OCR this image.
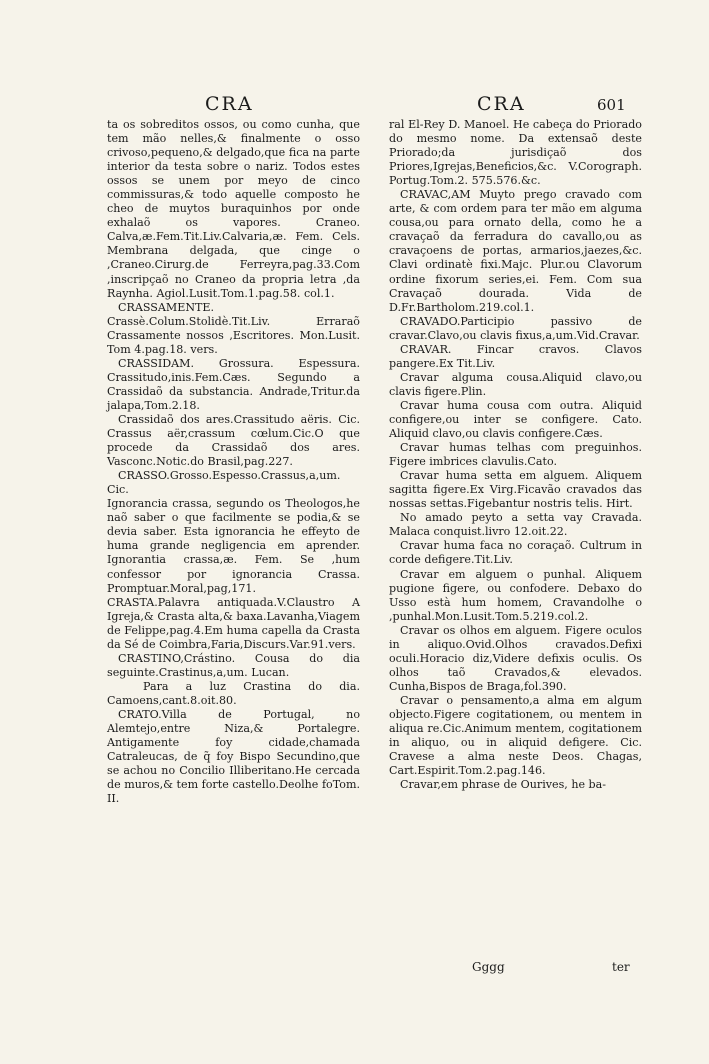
CRA	CRA	601

ta os sobreditos ossos, ou como cunha, que tem mão nelles,& finalmente o osso crivoso,pequeno,& delgado,que fica na parte interior da testa sobre o nariz. Todos estes ossos se unem por meyo de cinco commissuras,& todo aquelle composto he cheo de muytos buraquinhos por onde exhalaõ os vapores. Craneo. Calva,æ.Fem.Tit.Liv.Calvaria,æ. Fem. Cels. Membrana delgada, que cinge o ,Craneo.Cirurg.de Ferreyra,pag.33.Com ,inscripçaõ no Craneo da propria letra ,da Raynha. Agiol.Lusit.Tom.1.pag.58. col.1.

CRASSAMENTE. Crassè.Colum.Stolidè.Tit.Liv. Erraraõ Crassamente nossos ,Escritores. Mon.Lusit. Tom 4.pag.18. vers.

CRASSIDAM. Grossura. Espessura. Crassitudo,inis.Fem.Cæs. Segundo a Crassidaõ da substancia. Andrade,Tritur.da jalapa,Tom.2.18.

Crassidaõ dos ares.Crassitudo aëris. Cic. Crassus aër,crassum cœlum.Cic.O que procede da Crassidaõ dos ares. Vasconc.Notic.do Brasil,pag.227.

CRASSO.Grosso.Espesso.Crassus,a,um. Cic.

Ignorancia crassa, segundo os Theologos,he naõ saber o que facilmente se podia,& se devia saber. Esta ignorancia he effeyto de huma grande negligencia em aprender. Ignorantia crassa,æ. Fem. Se ,hum confessor por ignorancia Crassa. Promptuar.Moral,pag,171.

CRASTA.Palavra antiquada.V.Claustro A Igreja,& Crasta alta,& baxa.Lavanha,Viagem de Felippe,pag.4.Em huma capella da Crasta da Sé de Coimbra,Faria,Discurs.Var.91.vers.

CRASTINO,Crástino. Cousa do dia seguinte.Crastinus,a,um. Lucan.

Para a luz Crastina do dia. Camoens,cant.8.oit.80.

CRATO.Villa de Portugal, no Alemtejo,entre Niza,& Portalegre. Antigamente foy cidade,chamada Catraleucas, de q̃ foy Bispo Secundino,que se achou no Concilio Illiberitano.He cercada de muros,& tem forte castello.Deolhe foTom. II.

ral El-Rey D. Manoel. He cabeça do Priorado do mesmo nome. Da extensaõ deste Priorado;da jurisdiçaõ dos Priores,Igrejas,Beneficios,&c. V.Corograph. Portug.Tom.2. 575.576.&c.

CRAVAC,AM Muyto prego cravado com arte, & com ordem para ter mão em alguma cousa,ou para ornato della, como he a cravaçaõ da ferradura do cavallo,ou as cravaçoens de portas, armarios,jaezes,&c. Clavi ordinatè fixi.Majc. Plur.ou Clavorum ordine fixorum series,ei. Fem. Com sua Cravaçaõ dourada. Vida de D.Fr.Bartholom.219.col.1.

CRAVADO.Participio passivo de cravar.Clavo,ou clavis fixus,a,um.Vid.Cravar.

CRAVAR. Fincar cravos. Clavos pangere.Ex Tit.Liv.

Cravar alguma cousa.Aliquid clavo,ou clavis figere.Plin.

Cravar huma cousa com outra. Aliquid configere,ou inter se configere. Cato. Aliquid clavo,ou clavis configere.Cæs.

Cravar humas telhas com preguinhos. Figere imbrices clavulis.Cato.

Cravar huma setta em alguem. Aliquem sagitta figere.Ex Virg.Ficavão cravados das nossas settas.Figebantur nostris telis. Hirt.

No amado peyto a setta vay Cravada. Malaca conquist.livro 12.oit.22.

Cravar huma faca no coraçaõ. Cultrum in corde defigere.Tit.Liv.

Cravar em alguem o punhal. Aliquem pugione figere, ou confodere. Debaxo do Usso està hum homem, Cravandolhe o ,punhal.Mon.Lusit.Tom.5.219.col.2.

Cravar os olhos em alguem. Figere oculos in aliquo.Ovid.Olhos cravados.Defixi oculi.Horacio diz,Videre defixis oculis. Os olhos taõ Cravados,& elevados. Cunha,Bispos de Braga,fol.390.

Cravar o pensamento,a alma em algum objecto.Figere cogitationem, ou mentem in aliqua re.Cic.Animum mentem, cogitationem in aliquo, ou in aliquid defigere. Cic. Cravese a alma neste Deos. Chagas, Cart.Espirit.Tom.2.pag.146.

Cravar,em phrase de Ourives, he ba-

Gggg	ter
